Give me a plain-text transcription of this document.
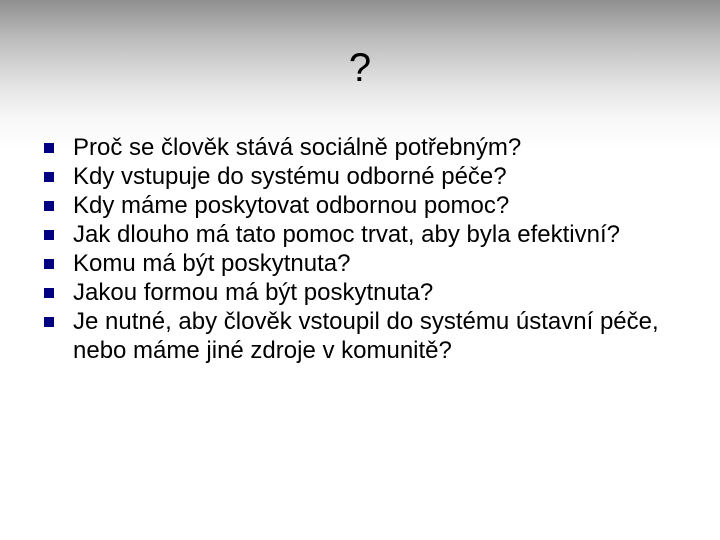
?
Proč se člověk stává sociálně potřebným?
Kdy vstupuje do systému odborné péče?
Kdy máme poskytovat odbornou pomoc?
Jak dlouho má tato pomoc trvat, aby byla efektivní?
Komu má být poskytnuta?
Jakou formou má být poskytnuta?
Je nutné, aby člověk vstoupil do systému ústavní péče, nebo máme jiné zdroje v komunitě?
